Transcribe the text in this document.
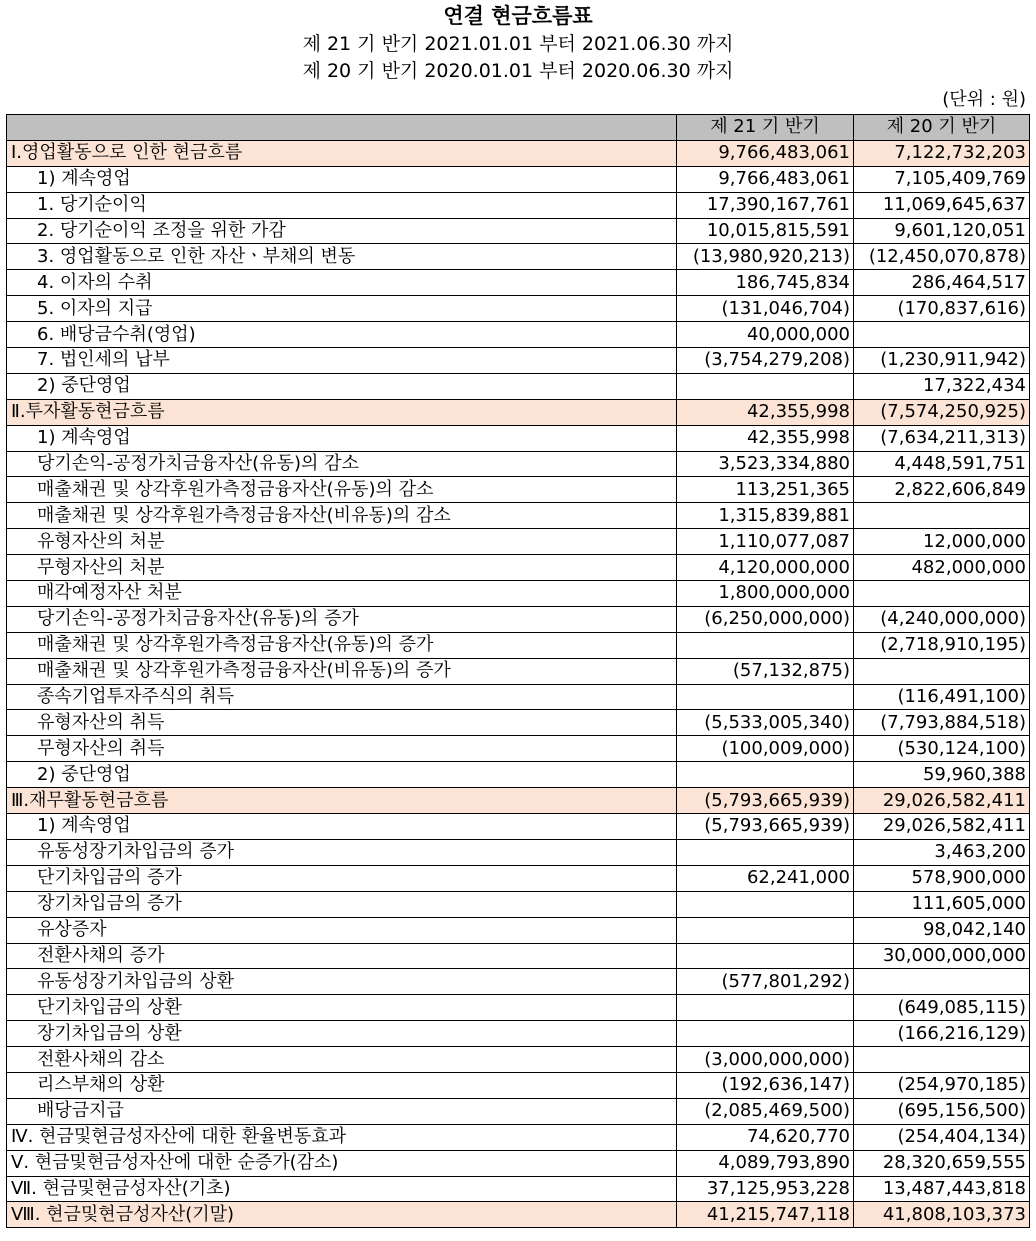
연결 현금흐름표
제 21 기 반기 2021.01.01 부터 2021.06.30 까지
제 20 기 반기 2020.01.01 부터 2020.06.30 까지
(단위 : 원)
	제 21 기 반기	제 20 기 반기
Ⅰ.영업활동으로 인한 현금흐름	9,766,483,061	7,122,732,203
1) 계속영업	9,766,483,061	7,105,409,769
1. 당기순이익	17,390,167,761	11,069,645,637
2. 당기순이익 조정을 위한 가감	10,015,815,591	9,601,120,051
3. 영업활동으로 인한 자산ㆍ부채의 변동	(13,980,920,213)	(12,450,070,878)
4. 이자의 수취	186,745,834	286,464,517
5. 이자의 지급	(131,046,704)	(170,837,616)
6. 배당금수취(영업)	40,000,000	
7. 법인세의 납부	(3,754,279,208)	(1,230,911,942)
2) 중단영업		17,322,434
Ⅱ.투자활동현금흐름	42,355,998	(7,574,250,925)
1) 계속영업	42,355,998	(7,634,211,313)
당기손익-공정가치금융자산(유동)의 감소	3,523,334,880	4,448,591,751
매출채권 및 상각후원가측정금융자산(유동)의 감소	113,251,365	2,822,606,849
매출채권 및 상각후원가측정금융자산(비유동)의 감소	1,315,839,881	
유형자산의 처분	1,110,077,087	12,000,000
무형자산의 처분	4,120,000,000	482,000,000
매각예정자산 처분	1,800,000,000	
당기손익-공정가치금융자산(유동)의 증가	(6,250,000,000)	(4,240,000,000)
매출채권 및 상각후원가측정금융자산(유동)의 증가		(2,718,910,195)
매출채권 및 상각후원가측정금융자산(비유동)의 증가	(57,132,875)	
종속기업투자주식의 취득		(116,491,100)
유형자산의 취득	(5,533,005,340)	(7,793,884,518)
무형자산의 취득	(100,009,000)	(530,124,100)
2) 중단영업		59,960,388
Ⅲ.재무활동현금흐름	(5,793,665,939)	29,026,582,411
1) 계속영업	(5,793,665,939)	29,026,582,411
유동성장기차입금의 증가		3,463,200
단기차입금의 증가	62,241,000	578,900,000
장기차입금의 증가		111,605,000
유상증자		98,042,140
전환사채의 증가		30,000,000,000
유동성장기차입금의 상환	(577,801,292)	
단기차입금의 상환		(649,085,115)
장기차입금의 상환		(166,216,129)
전환사채의 감소	(3,000,000,000)	
리스부채의 상환	(192,636,147)	(254,970,185)
배당금지급	(2,085,469,500)	(695,156,500)
Ⅳ. 현금및현금성자산에 대한 환율변동효과	74,620,770	(254,404,134)
Ⅴ. 현금및현금성자산에 대한 순증가(감소)	4,089,793,890	28,320,659,555
Ⅶ. 현금및현금성자산(기초)	37,125,953,228	13,487,443,818
Ⅷ. 현금및현금성자산(기말)	41,215,747,118	41,808,103,373
